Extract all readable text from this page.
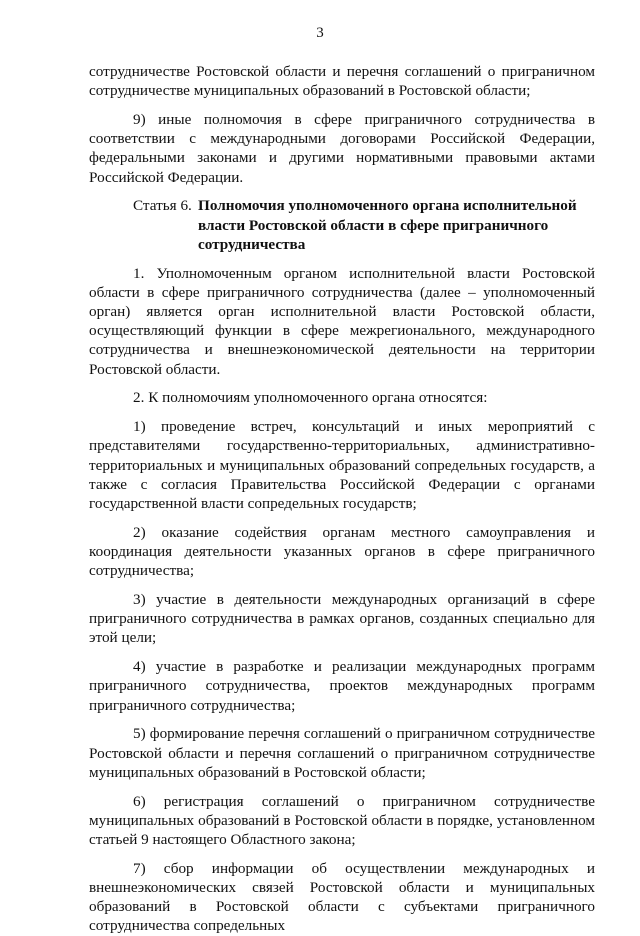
3

сотрудничестве Ростовской области и перечня соглашений о приграничном сотрудничестве муниципальных образований в Ростовской области;

9) иные полномочия в сфере приграничного сотрудничества в соответствии с международными договорами Российской Федерации, федеральными законами и другими нормативными правовыми актами Российской Федерации.

Статья 6. Полномочия уполномоченного органа исполнительной власти Ростовской области в сфере приграничного сотрудничества

1. Уполномоченным органом исполнительной власти Ростовской области в сфере приграничного сотрудничества (далее – уполномоченный орган) является орган исполнительной власти Ростовской области, осуществляющий функции в сфере межрегионального, международного сотрудничества и внешнеэкономической деятельности на территории Ростовской области.

2. К полномочиям уполномоченного органа относятся:

1) проведение встреч, консультаций и иных мероприятий с представителями государственно-территориальных, административно-территориальных и муниципальных образований сопредельных государств, а также с согласия Правительства Российской Федерации с органами государственной власти сопредельных государств;

2) оказание содействия органам местного самоуправления и координация деятельности указанных органов в сфере приграничного сотрудничества;

3) участие в деятельности международных организаций в сфере приграничного сотрудничества в рамках органов, созданных специально для этой цели;

4) участие в разработке и реализации международных программ приграничного сотрудничества, проектов международных программ приграничного сотрудничества;

5) формирование перечня соглашений о приграничном сотрудничестве Ростовской области и перечня соглашений о приграничном сотрудничестве муниципальных образований в Ростовской области;

6) регистрация соглашений о приграничном сотрудничестве муниципальных образований в Ростовской области в порядке, установленном статьей 9 настоящего Областного закона;

7) сбор информации об осуществлении международных и внешнеэкономических связей Ростовской области и муниципальных образований в Ростовской области с субъектами приграничного сотрудничества сопредельных
